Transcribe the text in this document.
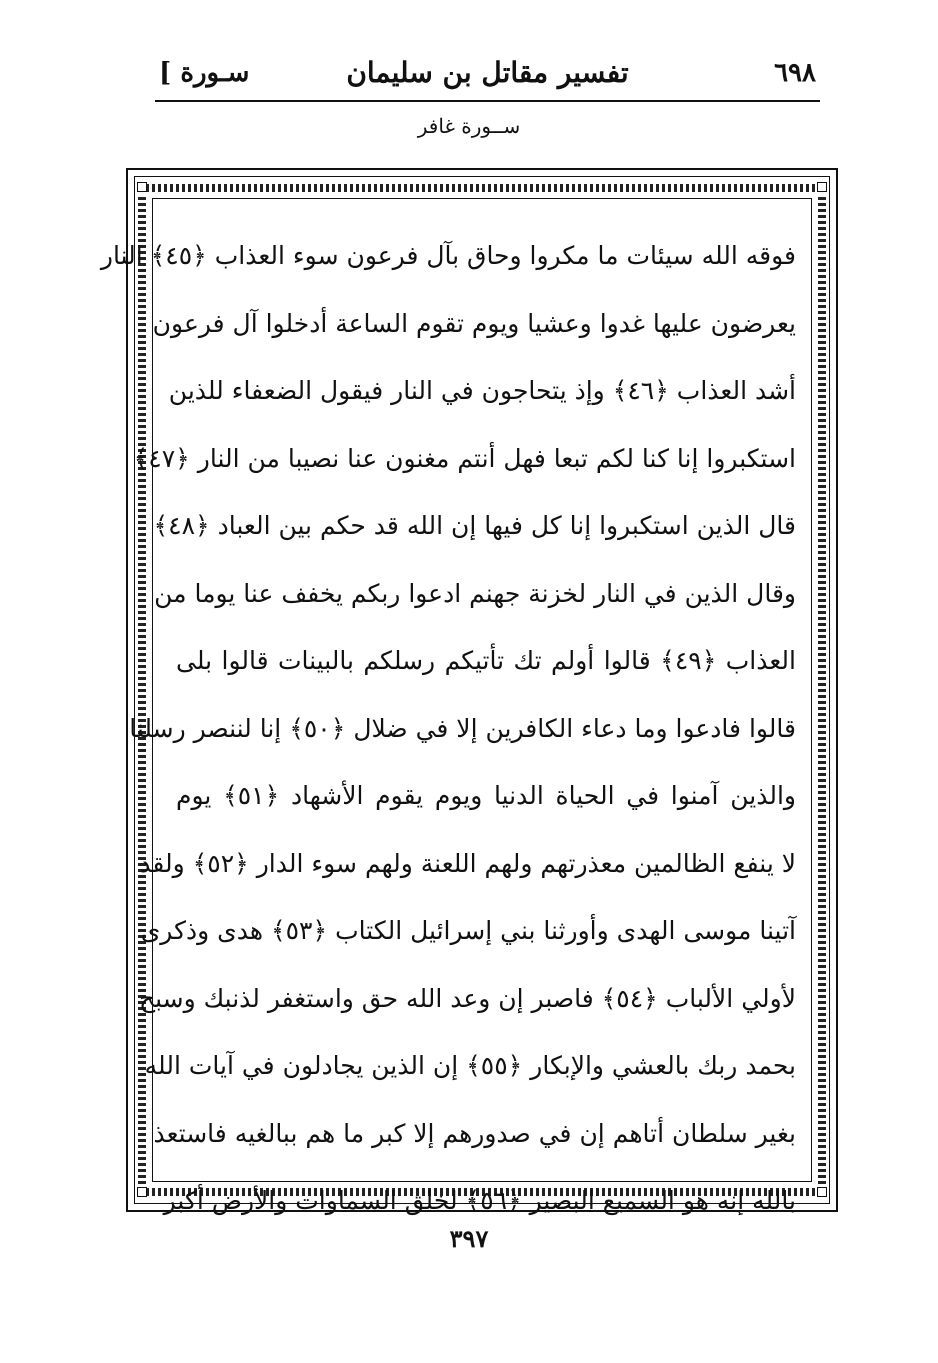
٦٩٨
تفسير مقاتل بن سليمان
سـورة ]
ســورة غافر
فوقه الله سيئات ما مكروا وحاق بآل فرعون سوء العذاب ﴿٤٥﴾ النار
يعرضون عليها غدوا وعشيا ويوم تقوم الساعة أدخلوا آل فرعون
أشد العذاب ﴿٤٦﴾ وإذ يتحاجون في النار فيقول الضعفاء للذين
استكبروا إنا كنا لكم تبعا فهل أنتم مغنون عنا نصيبا من النار ﴿٤٧﴾
قال الذين استكبروا إنا كل فيها إن الله قد حكم بين العباد ﴿٤٨﴾
وقال الذين في النار لخزنة جهنم ادعوا ربكم يخفف عنا يوما من
العذاب ﴿٤٩﴾ قالوا أولم تك تأتيكم رسلكم بالبينات قالوا بلى
قالوا فادعوا وما دعاء الكافرين إلا في ضلال ﴿٥٠﴾ إنا لننصر رسلنا
والذين آمنوا في الحياة الدنيا ويوم يقوم الأشهاد ﴿٥١﴾ يوم
لا ينفع الظالمين معذرتهم ولهم اللعنة ولهم سوء الدار ﴿٥٢﴾ ولقد
آتينا موسى الهدى وأورثنا بني إسرائيل الكتاب ﴿٥٣﴾ هدى وذكرى
لأولي الألباب ﴿٥٤﴾ فاصبر إن وعد الله حق واستغفر لذنبك وسبح
بحمد ربك بالعشي والإبكار ﴿٥٥﴾ إن الذين يجادلون في آيات الله
بغير سلطان أتاهم إن في صدورهم إلا كبر ما هم ببالغيه فاستعذ
بالله إنه هو السميع البصير ﴿٥٦﴾ لخلق السماوات والأرض أكبر
٣٩٧
